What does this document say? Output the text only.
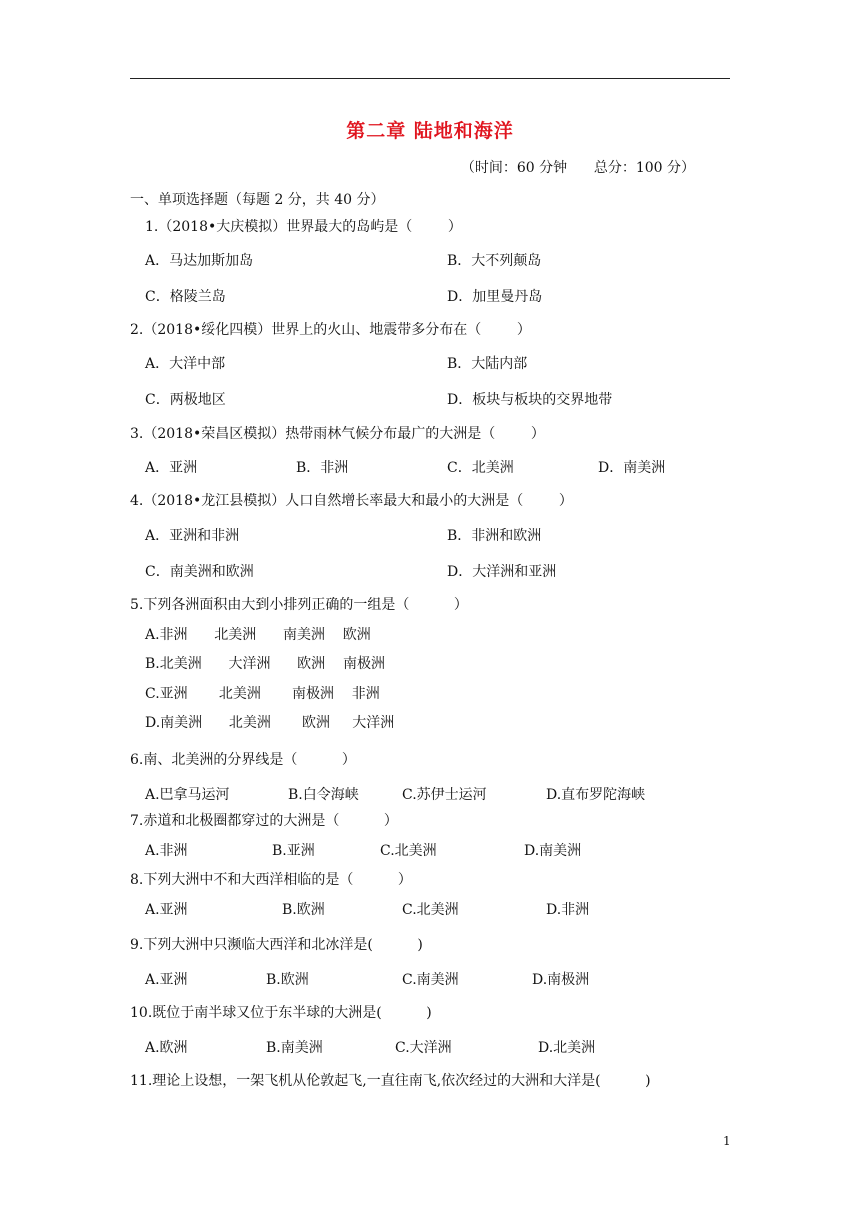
第二章 陆地和海洋
（时间：60 分钟      总分：100 分）
一、单项选择题（每题 2 分，共 40 分）
1.（2018•大庆模拟）世界最大的岛屿是（        ）
A．马达加斯加岛	B．大不列颠岛
C．格陵兰岛	D．加里曼丹岛
2.（2018•绥化四模）世界上的火山、地震带多分布在（        ）
A．大洋中部	B．大陆内部
C．两极地区	D．板块与板块的交界地带
3.（2018•荣昌区模拟）热带雨林气候分布最广的大洲是（        ）
A．亚洲	B．非洲	C．北美洲	D．南美洲
4.（2018•龙江县模拟）人口自然增长率最大和最小的大洲是（        ）
A．亚洲和非洲	B．非洲和欧洲
C．南美洲和欧洲	D．大洋洲和亚洲
5.下列各洲面积由大到小排列正确的一组是（          ）
A.非洲      北美洲      南美洲    欧洲
B.北美洲      大洋洲      欧洲    南极洲
C.亚洲       北美洲       南极洲    非洲
D.南美洲      北美洲       欧洲     大洋洲
6.南、北美洲的分界线是（          ）
A.巴拿马运河	B.白令海峡	C.苏伊士运河	D.直布罗陀海峡
7.赤道和北极圈都穿过的大洲是（          ）
A.非洲	B.亚洲	C.北美洲	D.南美洲
8.下列大洲中不和大西洋相临的是（          ）
A.亚洲	B.欧洲	C.北美洲	D.非洲
9.下列大洲中只濒临大西洋和北冰洋是(          )
A.亚洲	B.欧洲	C.南美洲	D.南极洲
10.既位于南半球又位于东半球的大洲是(          )
A.欧洲	B.南美洲	C.大洋洲	D.北美洲
11.理论上设想，一架飞机从伦敦起飞,一直往南飞,依次经过的大洲和大洋是(          )
1
